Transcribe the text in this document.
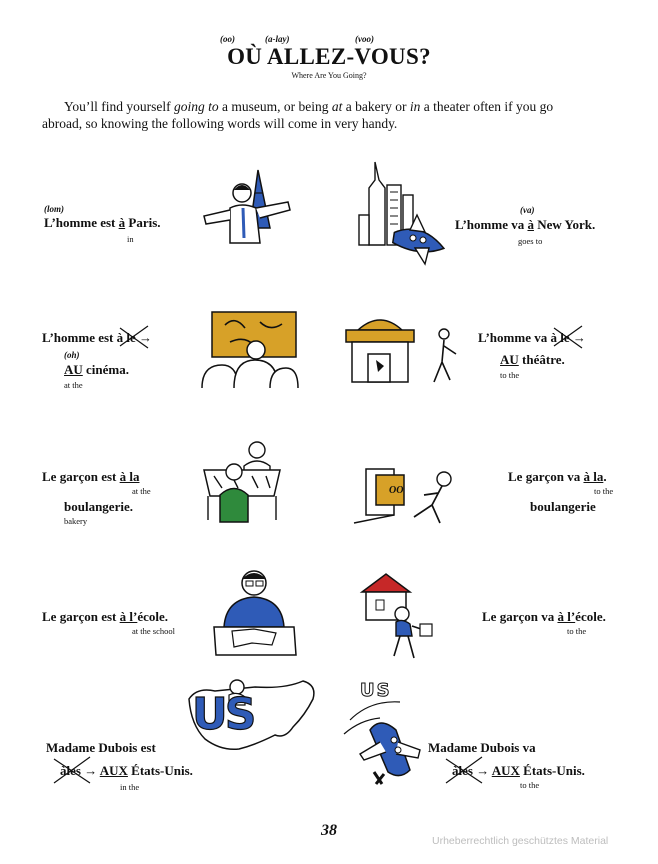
(oo)	(a-lay)	(voo)
OÙ ALLEZ-VOUS?
Where Are You Going?
You’ll find yourself going to a museum, or being at a bakery or in a theater often if you go
abroad, so knowing the following words will come in very handy.
(lom)
L’homme est à Paris.
in
(va)
L’homme va à New York.
goes to
L’homme est à le
→
(oh)
AU cinéma.
at the
L’homme va à le
→
AU théâtre.
to the
Le garçon est à la
at the
boulangerie.
bakery
OO
Le garçon va à la.
to the
boulangerie
Le garçon est à l’école.
at the school
Le garçon va à l’école.
to the
US
Madame Dubois est
à
les → AUX États-Unis.
in the
US
Madame Dubois va
à
les → AUX États-Unis.
to the
38
Urheberrechtlich geschütztes Material
